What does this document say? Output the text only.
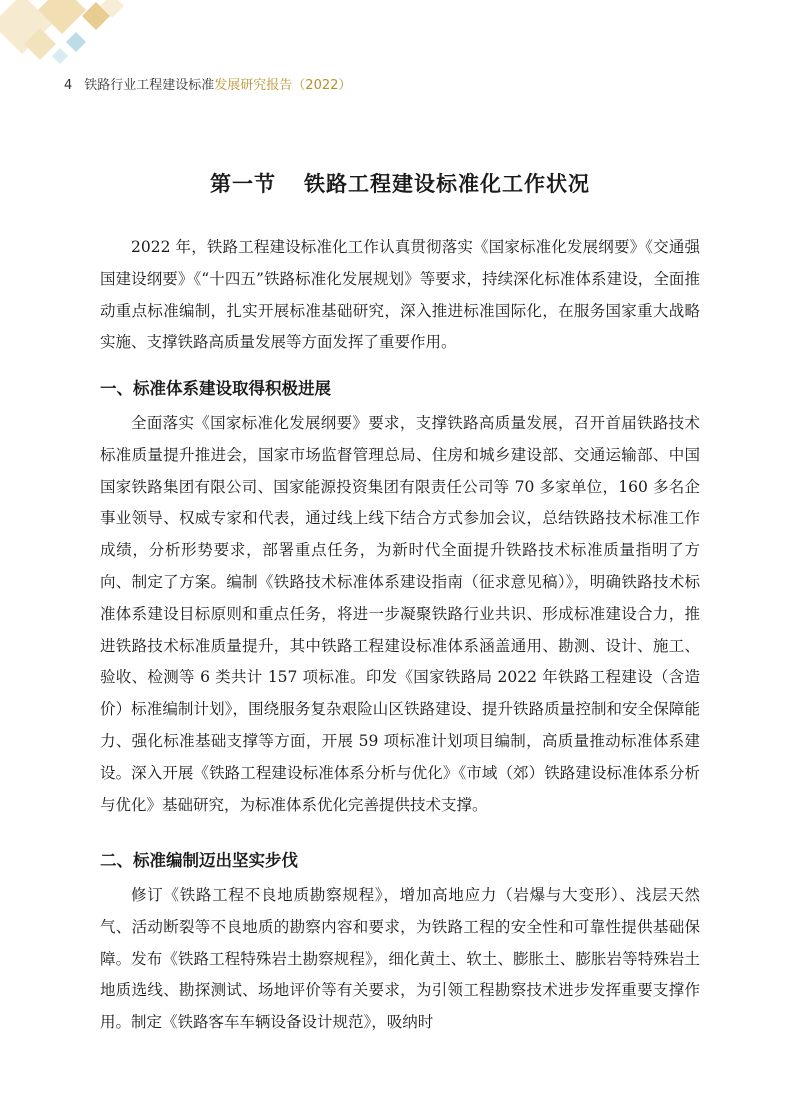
4 铁路行业工程建设标准发展研究报告（2022）
第一节 铁路工程建设标准化工作状况

2022 年，铁路工程建设标准化工作认真贯彻落实《国家标准化发展纲要》《交通强国建设纲要》《“十四五”铁路标准化发展规划》等要求，持续深化标准体系建设，全面推动重点标准编制，扎实开展标准基础研究，深入推进标准国际化，在服务国家重大战略实施、支撑铁路高质量发展等方面发挥了重要作用。

一、标准体系建设取得积极进展

全面落实《国家标准化发展纲要》要求，支撑铁路高质量发展，召开首届铁路技术标准质量提升推进会，国家市场监督管理总局、住房和城乡建设部、交通运输部、中国国家铁路集团有限公司、国家能源投资集团有限责任公司等 70 多家单位，160 多名企事业领导、权威专家和代表，通过线上线下结合方式参加会议，总结铁路技术标准工作成绩，分析形势要求，部署重点任务，为新时代全面提升铁路技术标准质量指明了方向、制定了方案。编制《铁路技术标准体系建设指南（征求意见稿）》，明确铁路技术标准体系建设目标原则和重点任务，将进一步凝聚铁路行业共识、形成标准建设合力，推进铁路技术标准质量提升，其中铁路工程建设标准体系涵盖通用、勘测、设计、施工、验收、检测等 6 类共计 157 项标准。印发《国家铁路局 2022 年铁路工程建设（含造价）标准编制计划》，围绕服务复杂艰险山区铁路建设、提升铁路质量控制和安全保障能力、强化标准基础支撑等方面，开展 59 项标准计划项目编制，高质量推动标准体系建设。深入开展《铁路工程建设标准体系分析与优化》《市域（郊）铁路建设标准体系分析与优化》基础研究，为标准体系优化完善提供技术支撑。

二、标准编制迈出坚实步伐

修订《铁路工程不良地质勘察规程》，增加高地应力（岩爆与大变形）、浅层天然气、活动断裂等不良地质的勘察内容和要求，为铁路工程的安全性和可靠性提供基础保障。发布《铁路工程特殊岩土勘察规程》，细化黄土、软土、膨胀土、膨胀岩等特殊岩土地质选线、勘探测试、场地评价等有关要求，为引领工程勘察技术进步发挥重要支撑作用。制定《铁路客车车辆设备设计规范》，吸纳时
